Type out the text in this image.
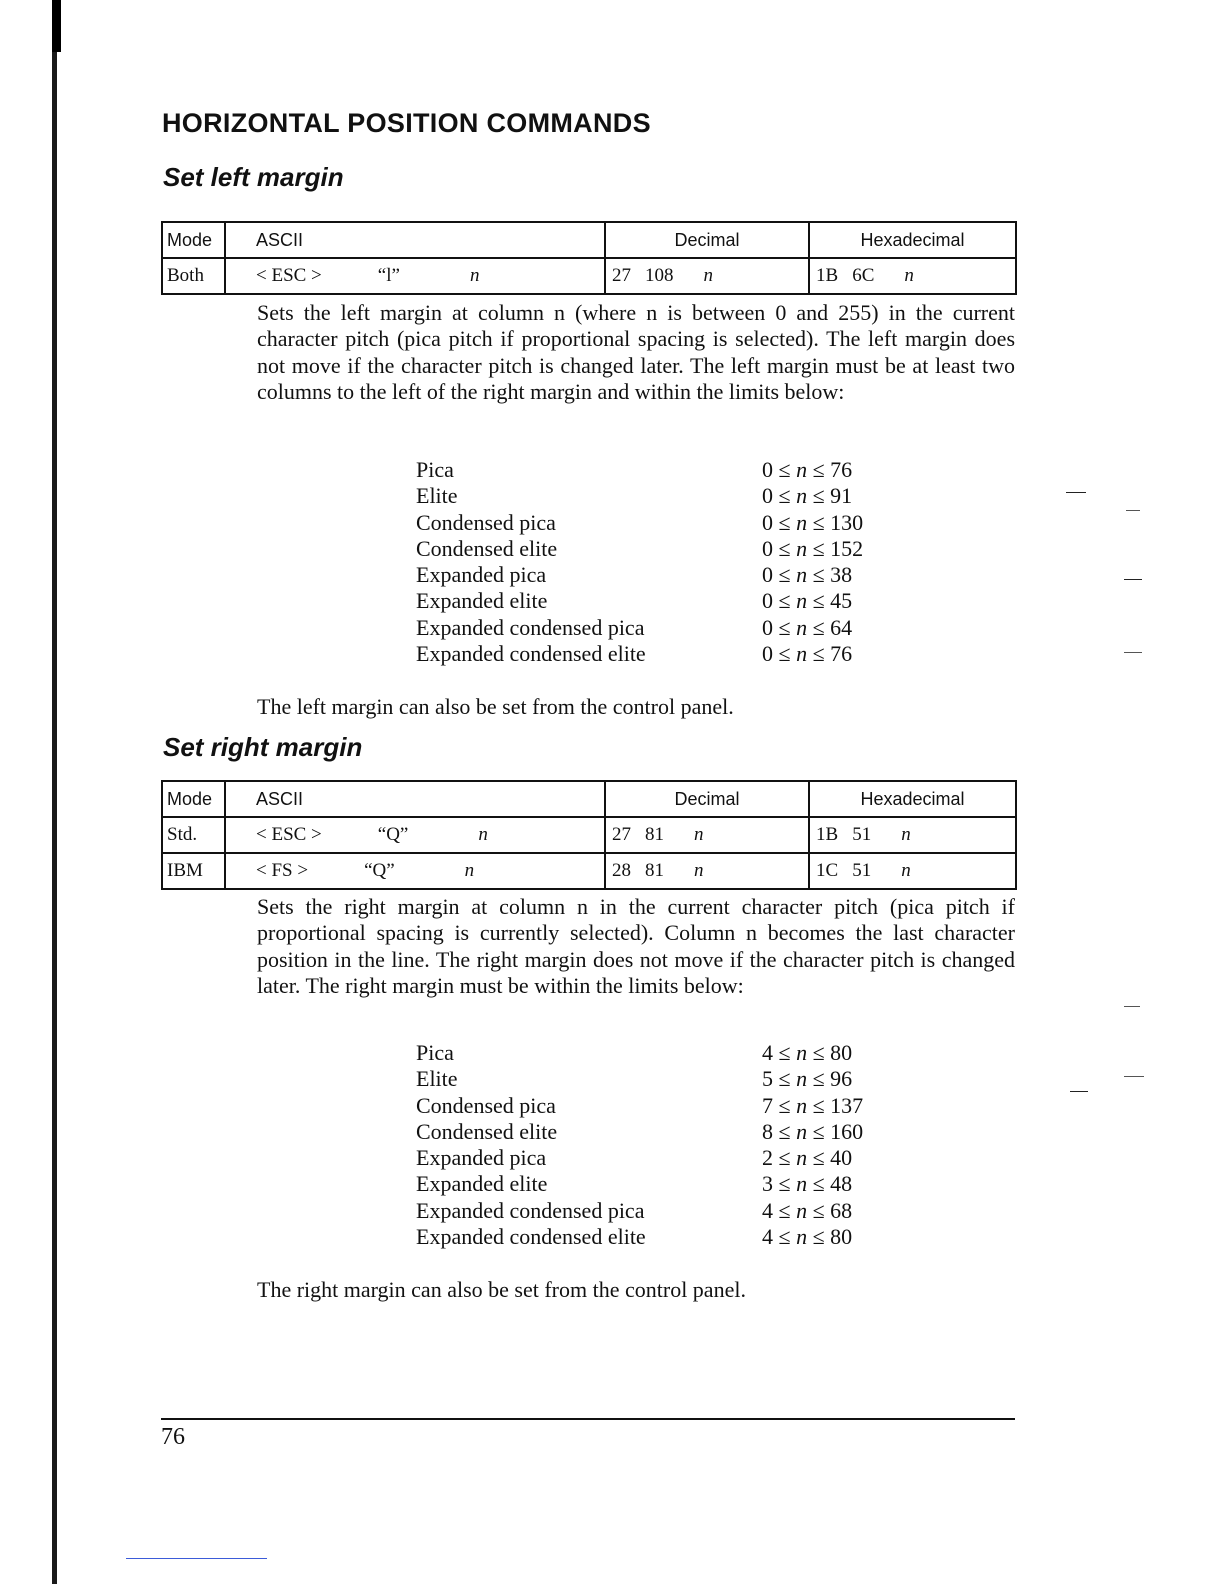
HORIZONTAL POSITION COMMANDS
Set left margin
Mode	ASCII	Decimal	Hexadecimal
Both	< ESC > “l” n	27 108 n	1B 6C n

Sets the left margin at column n (where n is between 0 and 255) in the current character pitch (pica pitch if proportional spacing is selected). The left margin does not move if the character pitch is changed later. The left margin must be at least two columns to the left of the right margin and within the limits below:

Pica	0 ≤ n ≤ 76
Elite	0 ≤ n ≤ 91
Condensed pica	0 ≤ n ≤ 130
Condensed elite	0 ≤ n ≤ 152
Expanded pica	0 ≤ n ≤ 38
Expanded elite	0 ≤ n ≤ 45
Expanded condensed pica	0 ≤ n ≤ 64
Expanded condensed elite	0 ≤ n ≤ 76

The left margin can also be set from the control panel.

Set right margin
Mode	ASCII	Decimal	Hexadecimal
Std.	< ESC > “Q” n	27 81 n	1B 51 n
IBM	< FS > “Q” n	28 81 n	1C 51 n

Sets the right margin at column n in the current character pitch (pica pitch if proportional spacing is currently selected). Column n becomes the last character position in the line. The right margin does not move if the character pitch is changed later. The right margin must be within the limits below:

Pica	4 ≤ n ≤ 80
Elite	5 ≤ n ≤ 96
Condensed pica	7 ≤ n ≤ 137
Condensed elite	8 ≤ n ≤ 160
Expanded pica	2 ≤ n ≤ 40
Expanded elite	3 ≤ n ≤ 48
Expanded condensed pica	4 ≤ n ≤ 68
Expanded condensed elite	4 ≤ n ≤ 80

The right margin can also be set from the control panel.

76
